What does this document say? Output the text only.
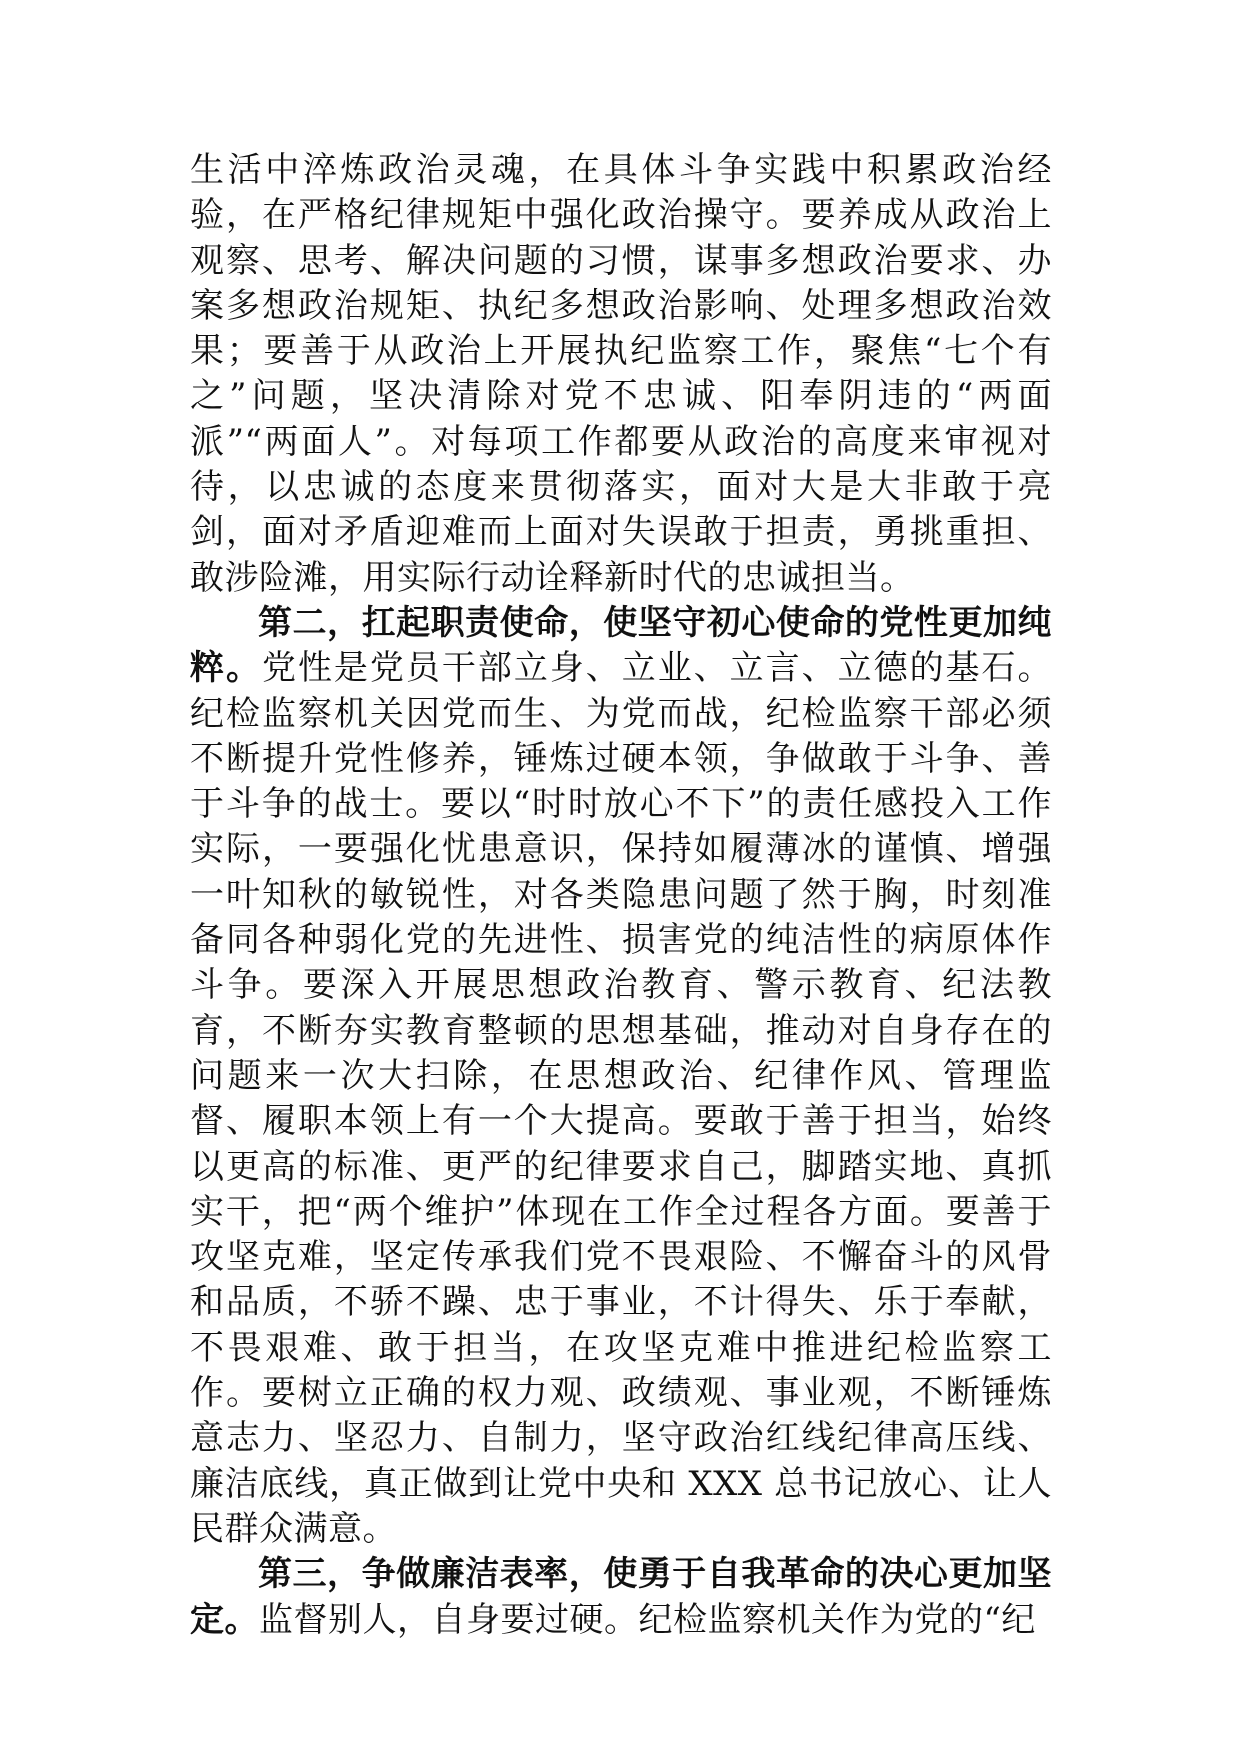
生活中淬炼政治灵魂，在具体斗争实践中积累政治经验，在严格纪律规矩中强化政治操守。要养成从政治上观察、思考、解决问题的习惯，谋事多想政治要求、办案多想政治规矩、执纪多想政治影响、处理多想政治效果；要善于从政治上开展执纪监察工作，聚焦“七个有之”问题，坚决清除对党不忠诚、阳奉阴违的“两面派”“两面人”。对每项工作都要从政治的高度来审视对待，以忠诚的态度来贯彻落实，面对大是大非敢于亮剑，面对矛盾迎难而上面对失误敢于担责，勇挑重担、敢涉险滩，用实际行动诠释新时代的忠诚担当。

第二，扛起职责使命，使坚守初心使命的党性更加纯粹。党性是党员干部立身、立业、立言、立德的基石。纪检监察机关因党而生、为党而战，纪检监察干部必须不断提升党性修养，锤炼过硬本领，争做敢于斗争、善于斗争的战士。要以“时时放心不下”的责任感投入工作实际，一要强化忧患意识，保持如履薄冰的谨慎、增强一叶知秋的敏锐性，对各类隐患问题了然于胸，时刻准备同各种弱化党的先进性、损害党的纯洁性的病原体作斗争。要深入开展思想政治教育、警示教育、纪法教育，不断夯实教育整顿的思想基础，推动对自身存在的问题来一次大扫除，在思想政治、纪律作风、管理监督、履职本领上有一个大提高。要敢于善于担当，始终以更高的标准、更严的纪律要求自己，脚踏实地、真抓实干，把“两个维护”体现在工作全过程各方面。要善于攻坚克难，坚定传承我们党不畏艰险、不懈奋斗的风骨和品质，不骄不躁、忠于事业，不计得失、乐于奉献，不畏艰难、敢于担当，在攻坚克难中推进纪检监察工作。要树立正确的权力观、政绩观、事业观，不断锤炼意志力、坚忍力、自制力，坚守政治红线纪律高压线、廉洁底线，真正做到让党中央和 XXX 总书记放心、让人民群众满意。

第三，争做廉洁表率，使勇于自我革命的决心更加坚定。监督别人，自身要过硬。纪检监察机关作为党的“纪
